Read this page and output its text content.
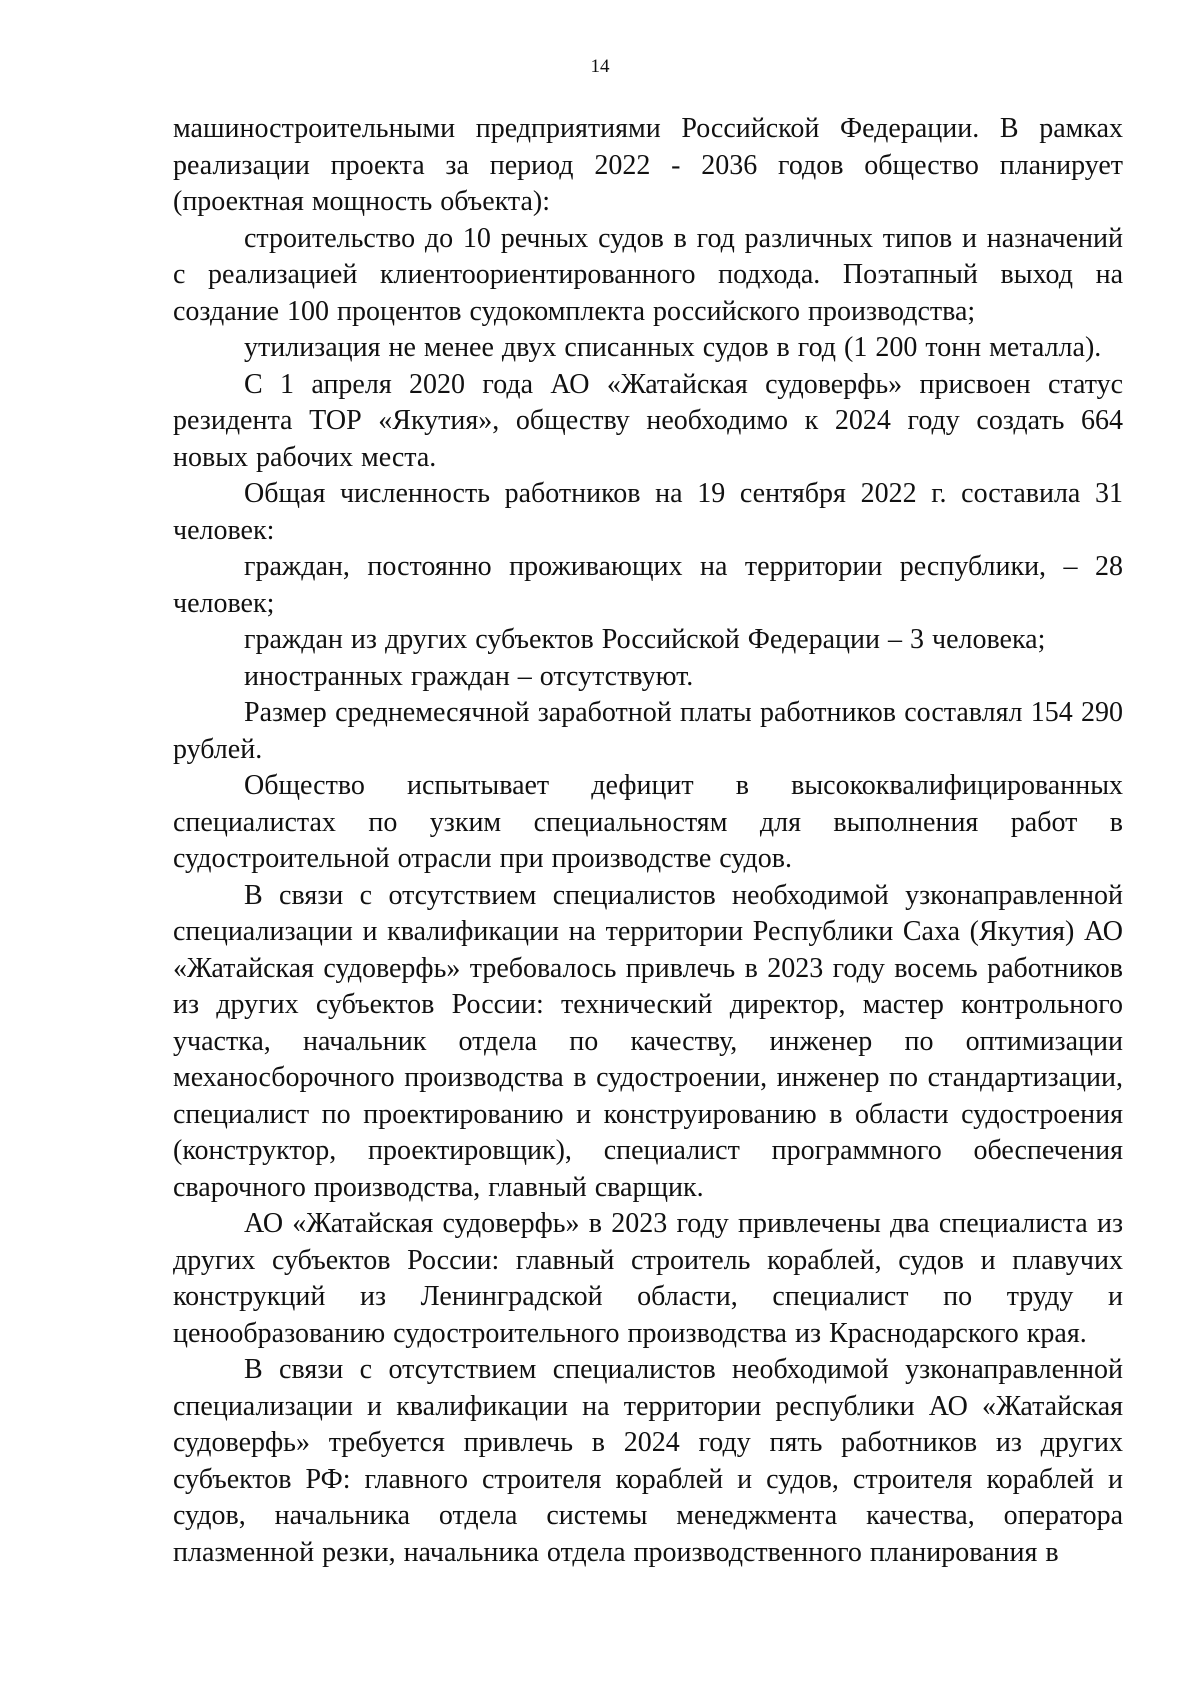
14

машиностроительными предприятиями Российской Федерации. В рамках реализации проекта за период 2022 - 2036 годов общество планирует (проектная мощность объекта):

строительство до 10 речных судов в год различных типов и назначений с реализацией клиентоориентированного подхода. Поэтапный выход на создание 100 процентов судокомплекта российского производства;

утилизация не менее двух списанных судов в год (1 200 тонн металла).

С 1 апреля 2020 года АО «Жатайская судоверфь» присвоен статус резидента ТОР «Якутия», обществу необходимо к 2024 году создать 664 новых рабочих места.

Общая численность работников на 19 сентября 2022 г. составила 31 человек:

граждан, постоянно проживающих на территории республики, – 28 человек;

граждан из других субъектов Российской Федерации – 3 человека;

иностранных граждан – отсутствуют.

Размер среднемесячной заработной платы работников составлял 154 290 рублей.

Общество испытывает дефицит в высококвалифицированных специалистах по узким специальностям для выполнения работ в судостроительной отрасли при производстве судов.

В связи с отсутствием специалистов необходимой узконаправленной специализации и квалификации на территории Республики Саха (Якутия) АО «Жатайская судоверфь» требовалось привлечь в 2023 году восемь работников из других субъектов России: технический директор, мастер контрольного участка, начальник отдела по качеству, инженер по оптимизации механосборочного производства в судостроении, инженер по стандартизации, специалист по проектированию и конструированию в области судостроения (конструктор, проектировщик), специалист программного обеспечения сварочного производства, главный сварщик.

АО «Жатайская судоверфь» в 2023 году привлечены два специалиста из других субъектов России: главный строитель кораблей, судов и плавучих конструкций из Ленинградской области, специалист по труду и ценообразованию судостроительного производства из Краснодарского края.

В связи с отсутствием специалистов необходимой узконаправленной специализации и квалификации на территории республики АО «Жатайская судоверфь» требуется привлечь в 2024 году пять работников из других субъектов РФ: главного строителя кораблей и судов, строителя кораблей и судов, начальника отдела системы менеджмента качества, оператора плазменной резки, начальника отдела производственного планирования в
